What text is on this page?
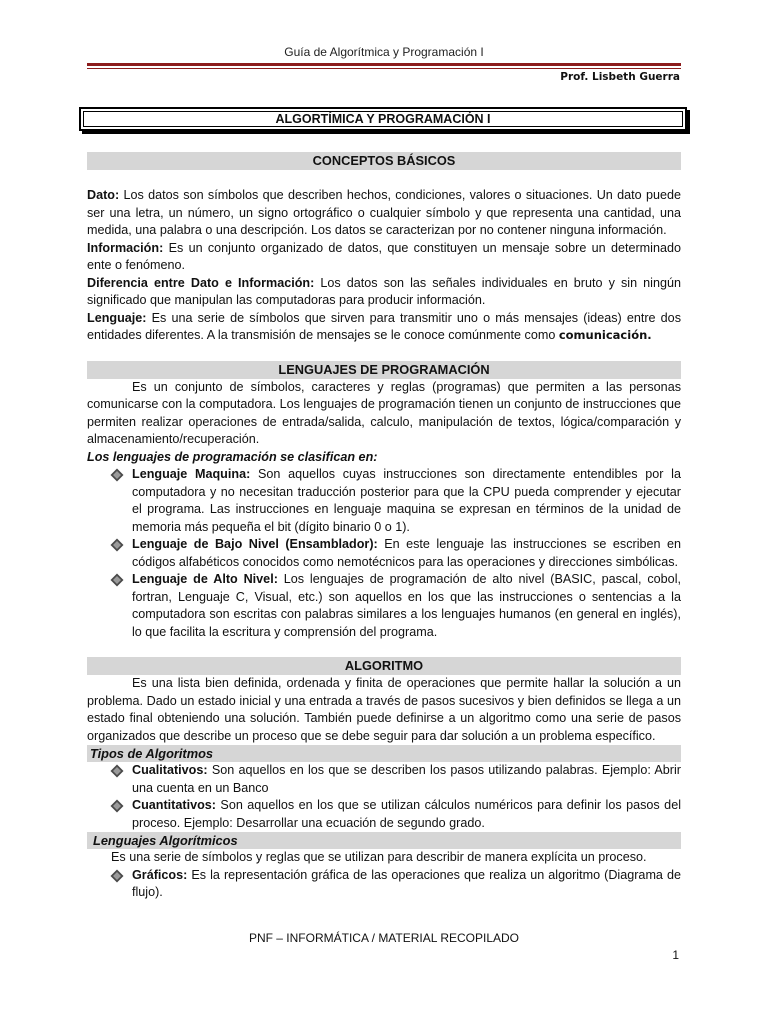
Guía de Algorítmica y Programación I
Prof. Lisbeth Guerra
ALGORTÍMICA Y PROGRAMACIÓN I
CONCEPTOS BÁSICOS

Dato: Los datos son símbolos que describen hechos, condiciones, valores o situaciones. Un dato puede ser una letra, un número, un signo ortográfico o cualquier símbolo y que representa una cantidad, una medida, una palabra o una descripción. Los datos se caracterizan por no contener ninguna información.

Información: Es un conjunto organizado de datos, que constituyen un mensaje sobre un determinado ente o fenómeno.

Diferencia entre Dato e Información: Los datos son las señales individuales en bruto y sin ningún significado que manipulan las computadoras para producir información.

Lenguaje: Es una serie de símbolos que sirven para transmitir uno o más mensajes (ideas) entre dos entidades diferentes. A la transmisión de mensajes se le conoce comúnmente como comunicación.

LENGUAJES DE PROGRAMACIÓN

Es un conjunto de símbolos, caracteres y reglas (programas) que permiten a las personas comunicarse con la computadora. Los lenguajes de programación tienen un conjunto de instrucciones que permiten realizar operaciones de entrada/salida, calculo, manipulación de textos, lógica/comparación y almacenamiento/recuperación.

Los lenguajes de programación se clasifican en:

Lenguaje Maquina: Son aquellos cuyas instrucciones son directamente entendibles por la computadora y no necesitan traducción posterior para que la CPU pueda comprender y ejecutar el programa. Las instrucciones en lenguaje maquina se expresan en términos de la unidad de memoria más pequeña el bit (dígito binario 0 o 1).
Lenguaje de Bajo Nivel (Ensamblador): En este lenguaje las instrucciones se escriben en códigos alfabéticos conocidos como nemotécnicos para las operaciones y direcciones simbólicas.
Lenguaje de Alto Nivel: Los lenguajes de programación de alto nivel (BASIC, pascal, cobol, fortran, Lenguaje C, Visual, etc.) son aquellos en los que las instrucciones o sentencias a la computadora son escritas con palabras similares a los lenguajes humanos (en general en inglés), lo que facilita la escritura y comprensión del programa.
ALGORITMO

Es una lista bien definida, ordenada y finita de operaciones que permite hallar la solución a un problema. Dado un estado inicial y una entrada a través de pasos sucesivos y bien definidos se llega a un estado final obteniendo una solución. También puede definirse a un algoritmo como una serie de pasos organizados que describe un proceso que se debe seguir para dar solución a un problema específico.

Tipos de Algoritmos
Cualitativos: Son aquellos en los que se describen los pasos utilizando palabras. Ejemplo: Abrir una cuenta en un Banco
Cuantitativos: Son aquellos en los que se utilizan cálculos numéricos para definir los pasos del proceso. Ejemplo: Desarrollar una ecuación de segundo grado.
Lenguajes Algorítmicos

Es una serie de símbolos y reglas que se utilizan para describir de manera explícita un proceso.

Gráficos: Es la representación gráfica de las operaciones que realiza un algoritmo (Diagrama de flujo).
PNF – INFORMÁTICA / MATERIAL RECOPILADO
1
